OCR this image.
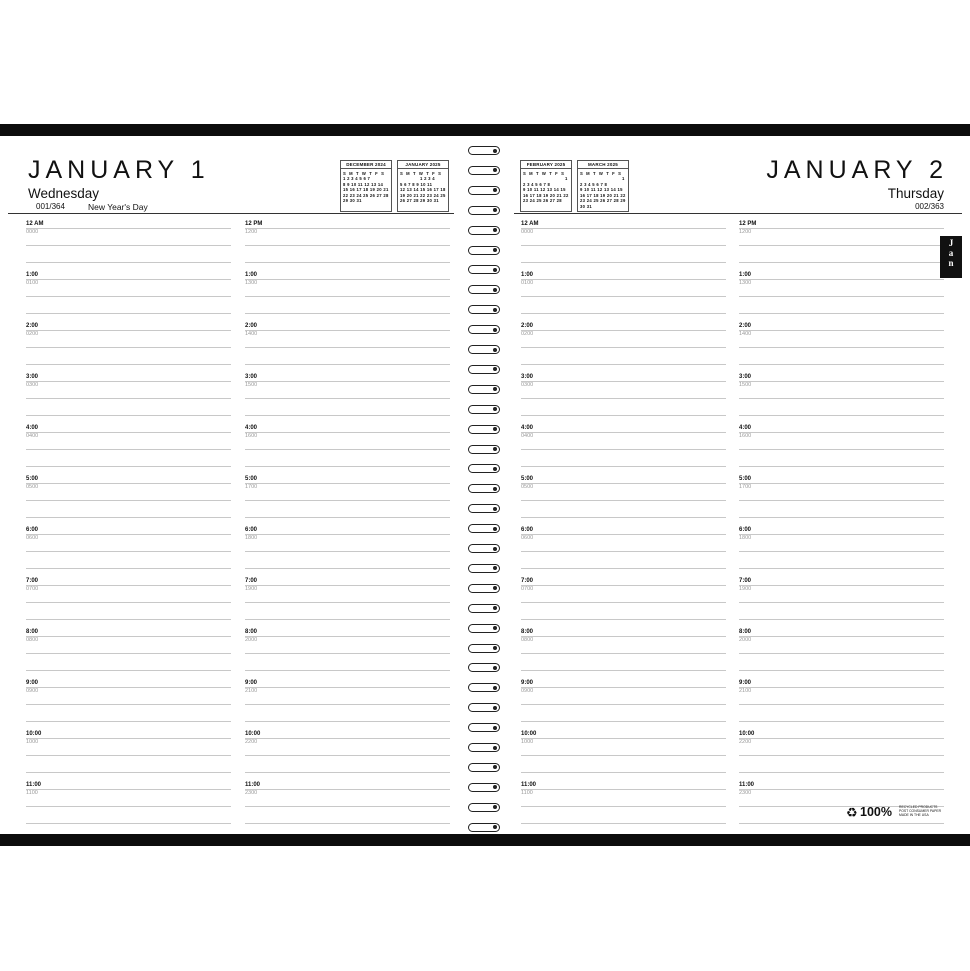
JANUARY 1
Wednesday
001/364	New Year's Day
DECEMBER 2024
S M T W T F S
1 2 3 4 5 6 7
8 9 10 11 12 13 14
15 16 17 18 19 20 21
22 23 24 25 26 27 28
29 30 31
JANUARY 2025
S M T W T F S
1 2 3 4
5 6 7 8 9 10 11
12 13 14 15 16 17 18
19 20 21 22 23 24 25
26 27 28 29 30 31
12 AM
0000
1:00
0100
2:00
0200
3:00
0300
4:00
0400
5:00
0500
6:00
0600
7:00
0700
8:00
0800
9:00
0900
10:00
1000
11:00
1100
12 PM
1200
1:00
1300
2:00
1400
3:00
1500
4:00
1600
5:00
1700
6:00
1800
7:00
1900
8:00
2000
9:00
2100
10:00
2200
11:00
2300
FEBRUARY 2025
S M T W T F S
1
2 3 4 5 6 7 8
9 10 11 12 13 14 15
16 17 18 19 20 21 22
23 24 25 26 27 28
MARCH 2025
S M T W T F S
1
2 3 4 5 6 7 8
9 10 11 12 13 14 15
16 17 18 19 20 21 22
23 24 25 26 27 28 29
30 31
JANUARY 2
Thursday
002/363
12 AM
0000
1:00
0100
2:00
0200
3:00
0300
4:00
0400
5:00
0500
6:00
0600
7:00
0700
8:00
0800
9:00
0900
10:00
1000
11:00
1100
12 PM
1200
1:00
1300
2:00
1400
3:00
1500
4:00
1600
5:00
1700
6:00
1800
7:00
1900
8:00
2000
9:00
2100
10:00
2200
11:00
2300
J
a
n
♻ 100% RECYCLED PRODUCTS
POST CONSUMER PAPER
MADE IN THE USA
